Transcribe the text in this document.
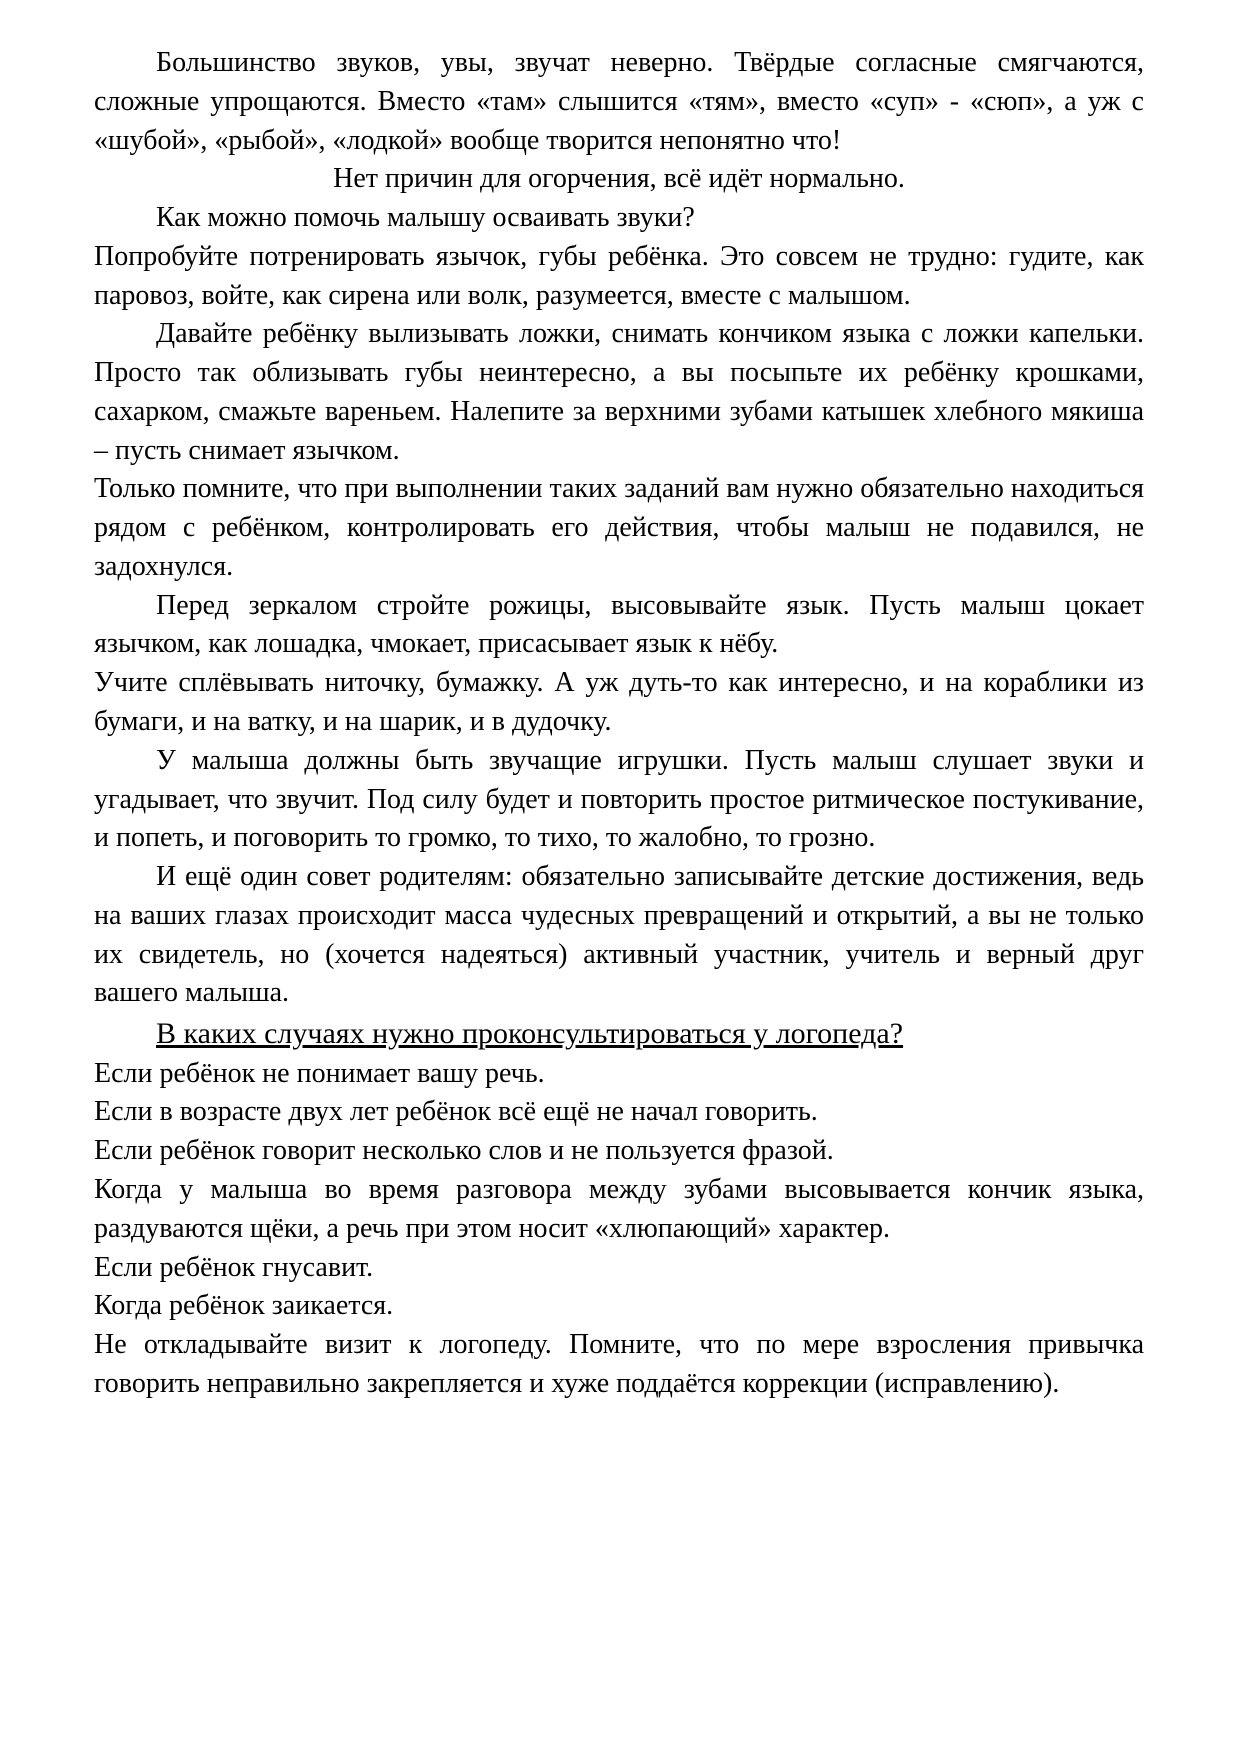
Большинство звуков, увы, звучат неверно. Твёрдые согласные смягчаются, сложные упрощаются. Вместо «там» слышится «тям», вместо «суп» - «сюп», а уж с «шубой», «рыбой», «лодкой» вообще творится непонятно что!

Нет причин для огорчения, всё идёт нормально.

Как можно помочь малышу осваивать звуки?

Попробуйте потренировать язычок, губы ребёнка. Это совсем не трудно: гудите, как паровоз, войте, как сирена или волк, разумеется, вместе с малышом.

Давайте ребёнку вылизывать ложки, снимать кончиком языка с ложки капельки. Просто так облизывать губы неинтересно, а вы посыпьте их ребёнку крошками, сахарком, смажьте вареньем. Налепите за верхними зубами катышек хлебного мякиша – пусть снимает язычком.

Только помните, что при выполнении таких заданий вам нужно обязательно находиться рядом с ребёнком, контролировать его действия, чтобы малыш не подавился, не задохнулся.

Перед зеркалом стройте рожицы, высовывайте язык. Пусть малыш цокает язычком, как лошадка, чмокает, присасывает язык к нёбу.

Учите сплёвывать ниточку, бумажку. А уж дуть-то как интересно, и на кораблики из бумаги, и на ватку, и на шарик, и в дудочку.

У малыша должны быть звучащие игрушки. Пусть малыш слушает звуки и угадывает, что звучит. Под силу будет и повторить простое ритмическое постукивание, и попеть, и поговорить то громко, то тихо, то жалобно, то грозно.

И ещё один совет родителям: обязательно записывайте детские достижения, ведь на ваших глазах происходит масса чудесных превращений и открытий, а вы не только их свидетель, но (хочется надеяться) активный участник, учитель и верный друг вашего малыша.

В каких случаях нужно проконсультироваться у логопеда?

Если ребёнок не понимает вашу речь.

Если в возрасте двух лет ребёнок всё ещё не начал говорить.

Если ребёнок говорит несколько слов и не пользуется фразой.

Когда у малыша во время разговора между зубами высовывается кончик языка, раздуваются щёки, а речь при этом носит «хлюпающий» характер.

Если ребёнок гнусавит.

Когда ребёнок заикается.

Не откладывайте визит к логопеду. Помните, что по мере взросления привычка говорить неправильно закрепляется и хуже поддаётся коррекции (исправлению).
